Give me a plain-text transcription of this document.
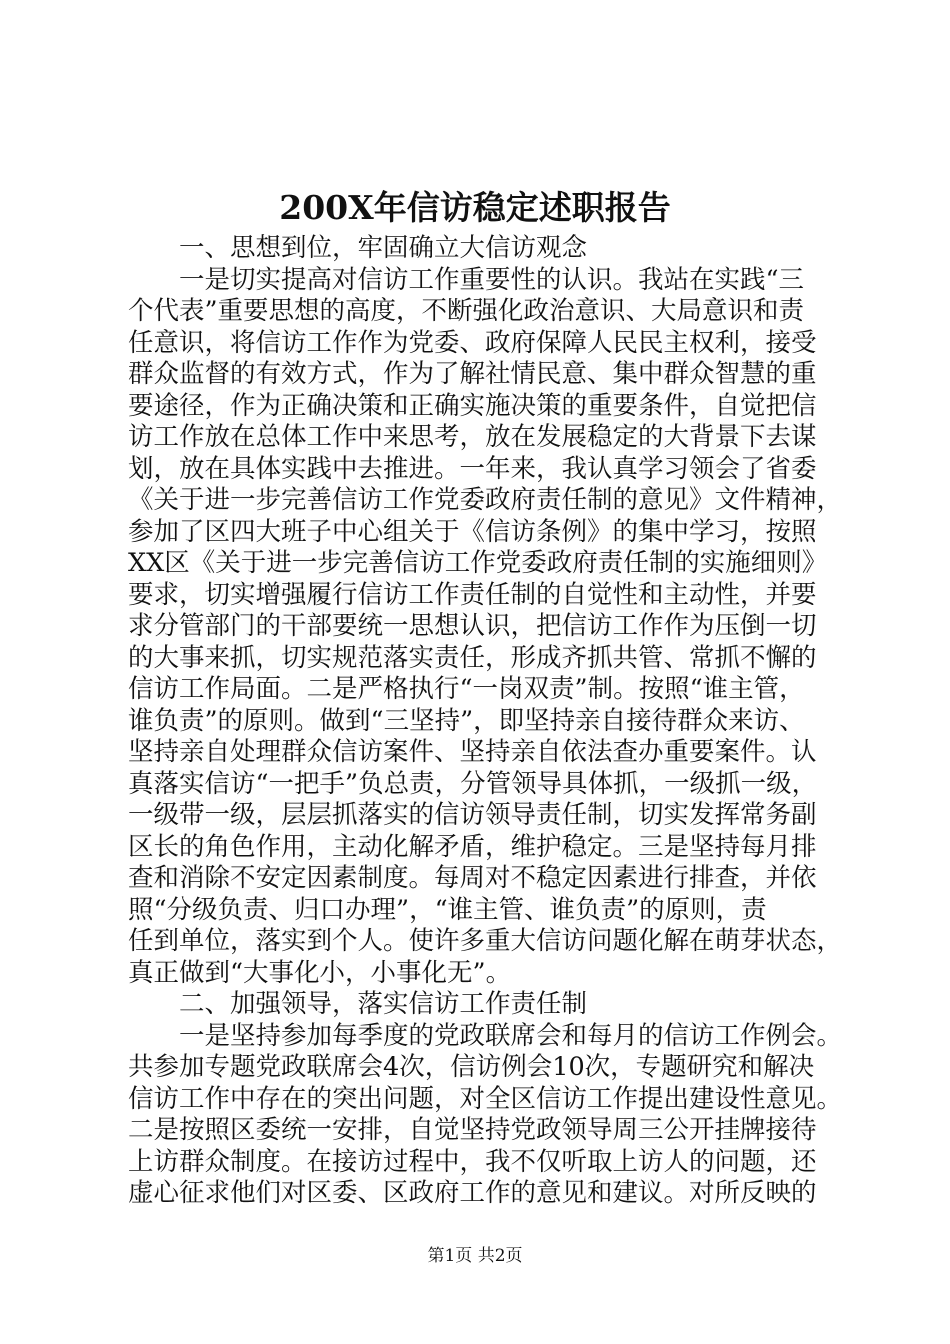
200X年信访稳定述职报告

一、思想到位，牢固确立大信访观念

一是切实提高对信访工作重要性的认识。我站在实践“三

个代表”重要思想的高度，不断强化政治意识、大局意识和责

任意识，将信访工作作为党委、政府保障人民民主权利，接受

群众监督的有效方式，作为了解社情民意、集中群众智慧的重

要途径，作为正确决策和正确实施决策的重要条件，自觉把信

访工作放在总体工作中来思考，放在发展稳定的大背景下去谋

划，放在具体实践中去推进。一年来，我认真学习领会了省委

《关于进一步完善信访工作党委政府责任制的意见》文件精神，

参加了区四大班子中心组关于《信访条例》的集中学习，按照

XX区《关于进一步完善信访工作党委政府责任制的实施细则》

要求，切实增强履行信访工作责任制的自觉性和主动性，并要

求分管部门的干部要统一思想认识，把信访工作作为压倒一切

的大事来抓，切实规范落实责任，形成齐抓共管、常抓不懈的

信访工作局面。二是严格执行“一岗双责”制。按照“谁主管，

谁负责”的原则。做到“三坚持”，即坚持亲自接待群众来访、

坚持亲自处理群众信访案件、坚持亲自依法查办重要案件。认

真落实信访“一把手”负总责，分管领导具体抓，一级抓一级，

一级带一级，层层抓落实的信访领导责任制，切实发挥常务副

区长的角色作用，主动化解矛盾，维护稳定。三是坚持每月排

查和消除不安定因素制度。每周对不稳定因素进行排查，并依

照“分级负责、归口办理”，“谁主管、谁负责”的原则，责

任到单位，落实到个人。使许多重大信访问题化解在萌芽状态，

真正做到“大事化小，小事化无”。

二、加强领导，落实信访工作责任制

一是坚持参加每季度的党政联席会和每月的信访工作例会。

共参加专题党政联席会4次，信访例会10次，专题研究和解决

信访工作中存在的突出问题，对全区信访工作提出建设性意见。

二是按照区委统一安排，自觉坚持党政领导周三公开挂牌接待

上访群众制度。在接访过程中，我不仅听取上访人的问题，还

虚心征求他们对区委、区政府工作的意见和建议。对所反映的

第1页 共2页
